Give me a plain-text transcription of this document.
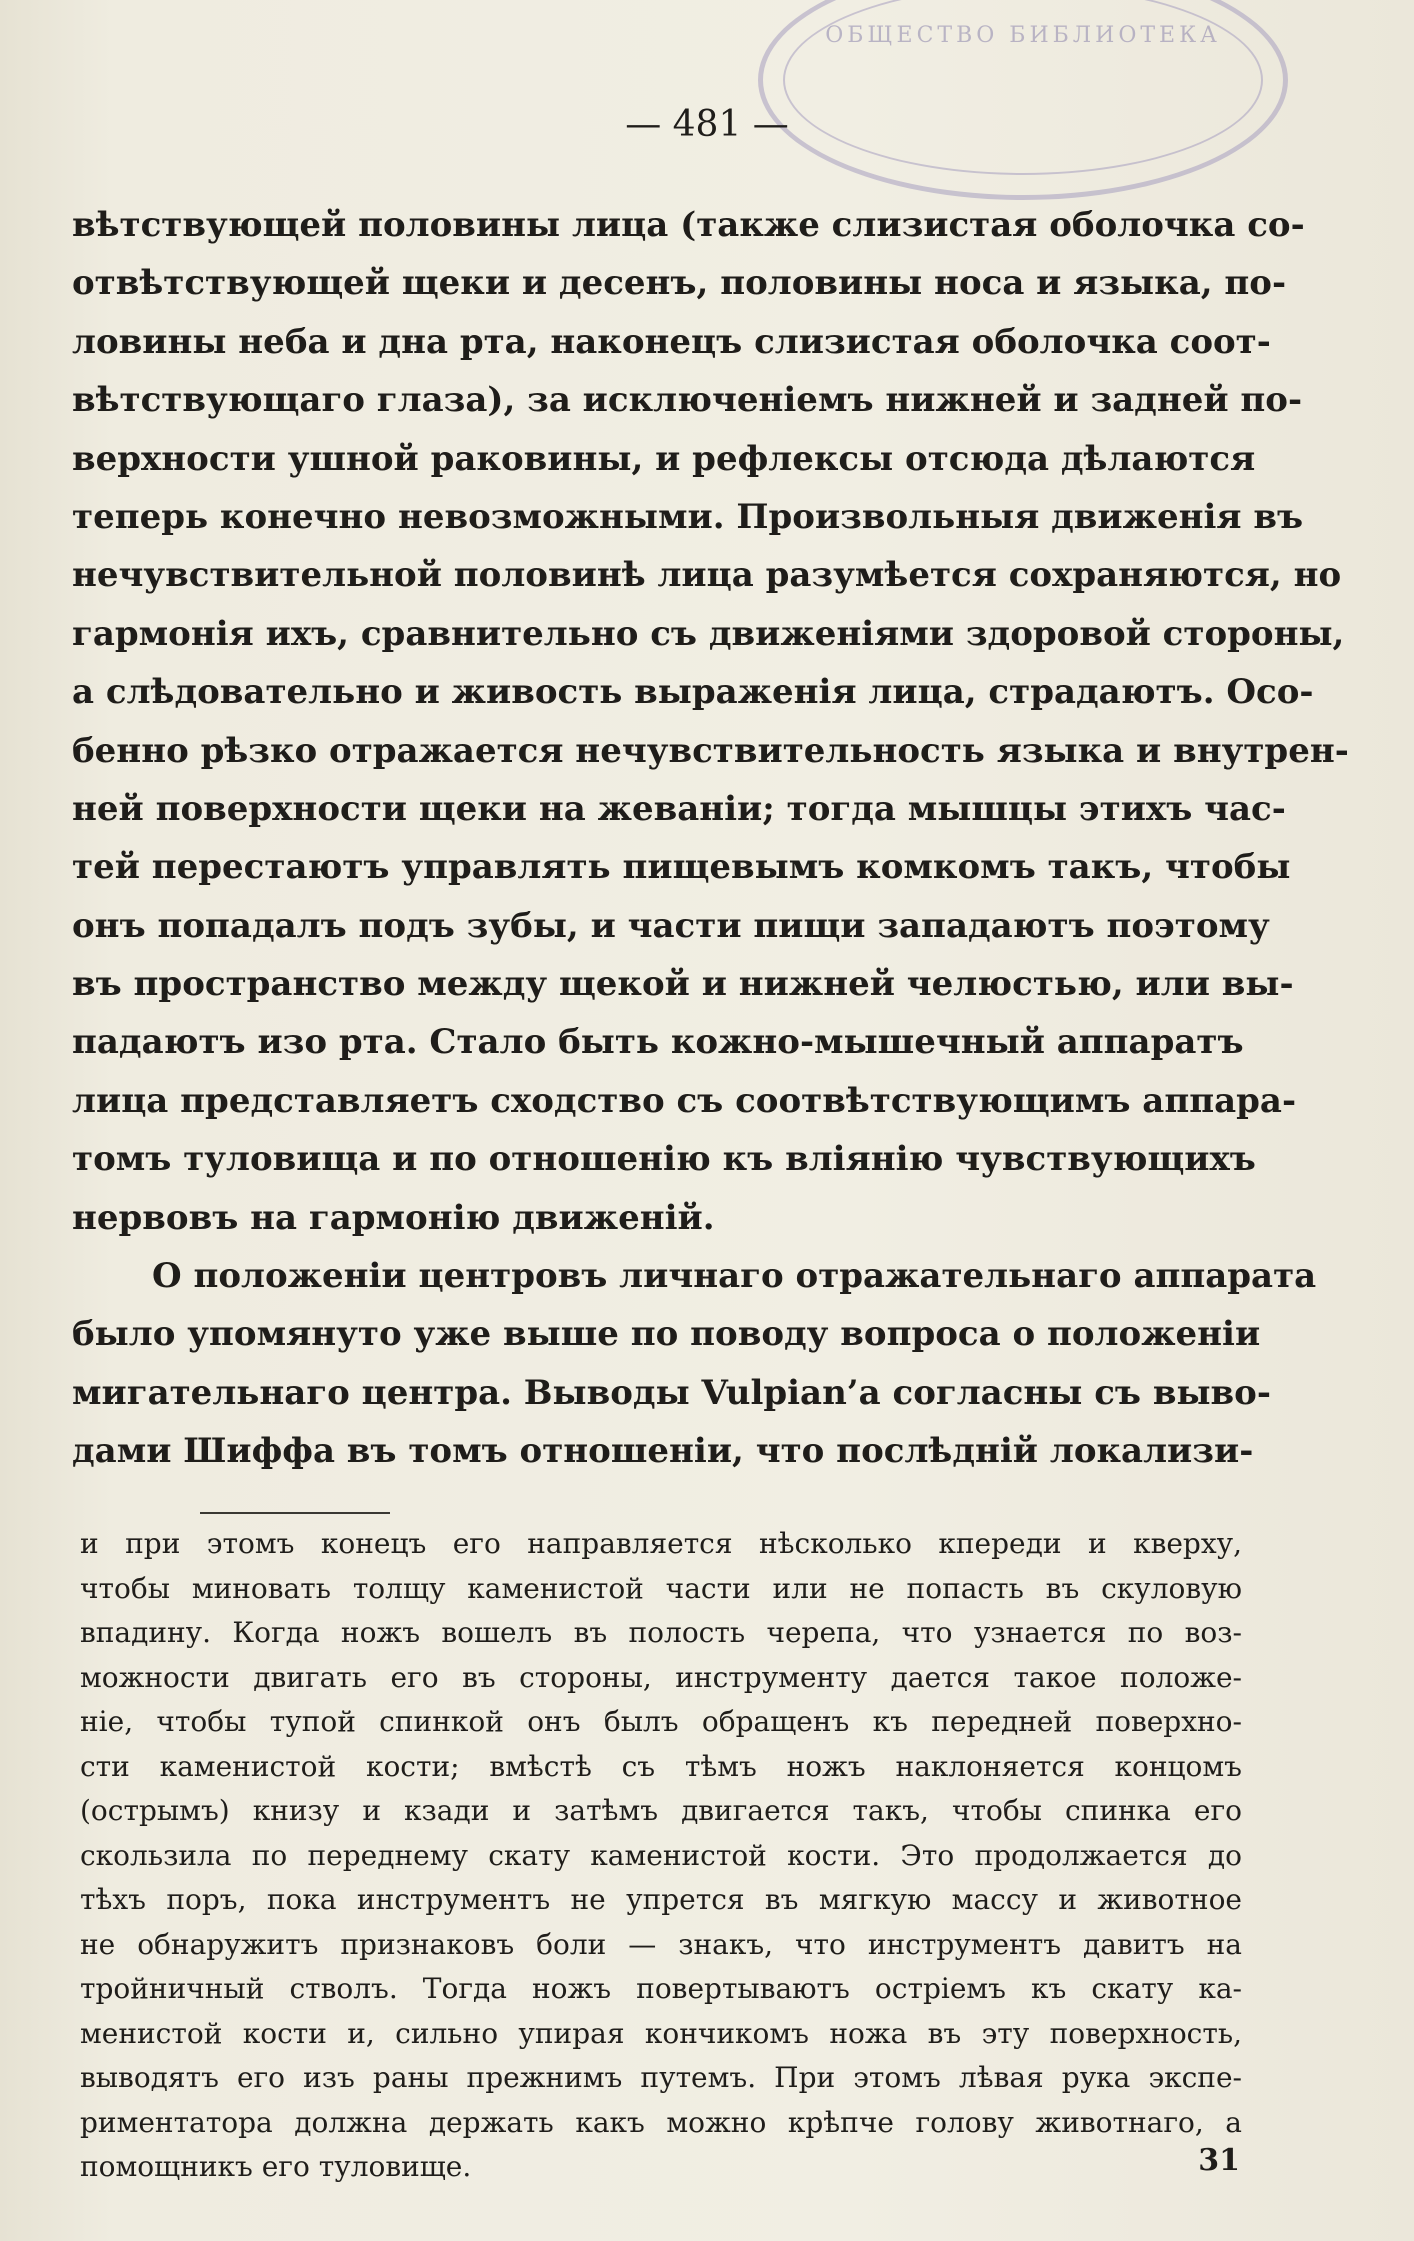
ОБЩЕСТВО БИБЛИОТЕКА
— 481 —
вѣтствующей половины лица (также слизистая оболочка со-
отвѣтствующей щеки и десенъ, половины носа и языка, по-
ловины неба и дна рта, наконецъ слизистая оболочка соот-
вѣтствующаго глаза), за исключеніемъ нижней и задней по-
верхности ушной раковины, и рефлексы отсюда дѣлаются
теперь конечно невозможными. Произвольныя движенія въ
нечувствительной половинѣ лица разумѣется сохраняются, но
гармонія ихъ, сравнительно съ движеніями здоровой стороны,
а слѣдовательно и живость выраженія лица, страдаютъ. Осо-
бенно рѣзко отражается нечувствительность языка и внутрен-
ней поверхности щеки на жеваніи; тогда мышцы этихъ час-
тей перестаютъ управлять пищевымъ комкомъ такъ, чтобы
онъ попадалъ подъ зубы, и части пищи западаютъ поэтому
въ пространство между щекой и нижней челюстью, или вы-
падаютъ изо рта. Стало быть кожно-мышечный аппаратъ
лица представляетъ сходство съ соотвѣтствующимъ аппара-
томъ туловища и по отношенію къ вліянію чувствующихъ
нервовъ на гармонію движеній.
О положеніи центровъ личнаго отражательнаго аппарата
было упомянуто уже выше по поводу вопроса о положеніи
мигательнаго центра. Выводы Vulpian’а согласны съ выво-
дами Шиффа въ томъ отношеніи, что послѣдній локализи-
и при этомъ конецъ его направляется нѣсколько кпереди и кверху,
чтобы миновать толщу каменистой части или не попасть въ скуловую
впадину. Когда ножъ вошелъ въ полость черепа, что узнается по воз-
можности двигать его въ стороны, инструменту дается такое положе-
ніе, чтобы тупой спинкой онъ былъ обращенъ къ передней поверхно-
сти каменистой кости; вмѣстѣ съ тѣмъ ножъ наклоняется концомъ
(острымъ) книзу и кзади и затѣмъ двигается такъ, чтобы спинка его
скользила по переднему скату каменистой кости. Это продолжается до
тѣхъ поръ, пока инструментъ не упрется въ мягкую массу и животное
не обнаружитъ признаковъ боли — знакъ, что инструментъ давитъ на
тройничный стволъ. Тогда ножъ повертываютъ остріемъ къ скату ка-
менистой кости и, сильно упирая кончикомъ ножа въ эту поверхность,
выводятъ его изъ раны прежнимъ путемъ. При этомъ лѣвая рука экспе-
риментатора должна держать какъ можно крѣпче голову животнаго, а
помощникъ его туловище.	31
